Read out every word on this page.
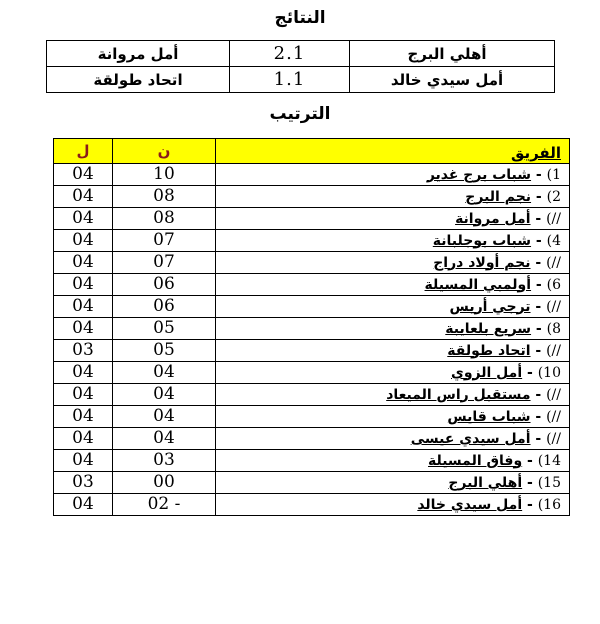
النتائج
أمل مروانة	2.1	أهلي البرج
اتحاد طولقة	1.1	أمل سيدي خالد
الترتيب
ل	ن	الفريق
04	10	1) - شباب برج غدير
04	08	2) - نجم البرج
04	08	//) - أمل مروانة
04	07	4) - شباب بوجلبانة
04	07	//) - نجم أولاد دراج
04	06	6) - أولمبي المسيلة
04	06	//) - ترجي أريس
04	05	8) - سريع بلعايبة
03	05	//) - اتحاد طولقة
04	04	10) - أمل الزوي
04	04	//) - مستقبل راس الميعاد
04	04	//) - شباب قايس
04	04	//) - أمل سيدي عيسى
04	03	14) - وفاق المسيلة
03	00	15) - أهلي البرج
04	02 -	16) - أمل سيدي خالد
